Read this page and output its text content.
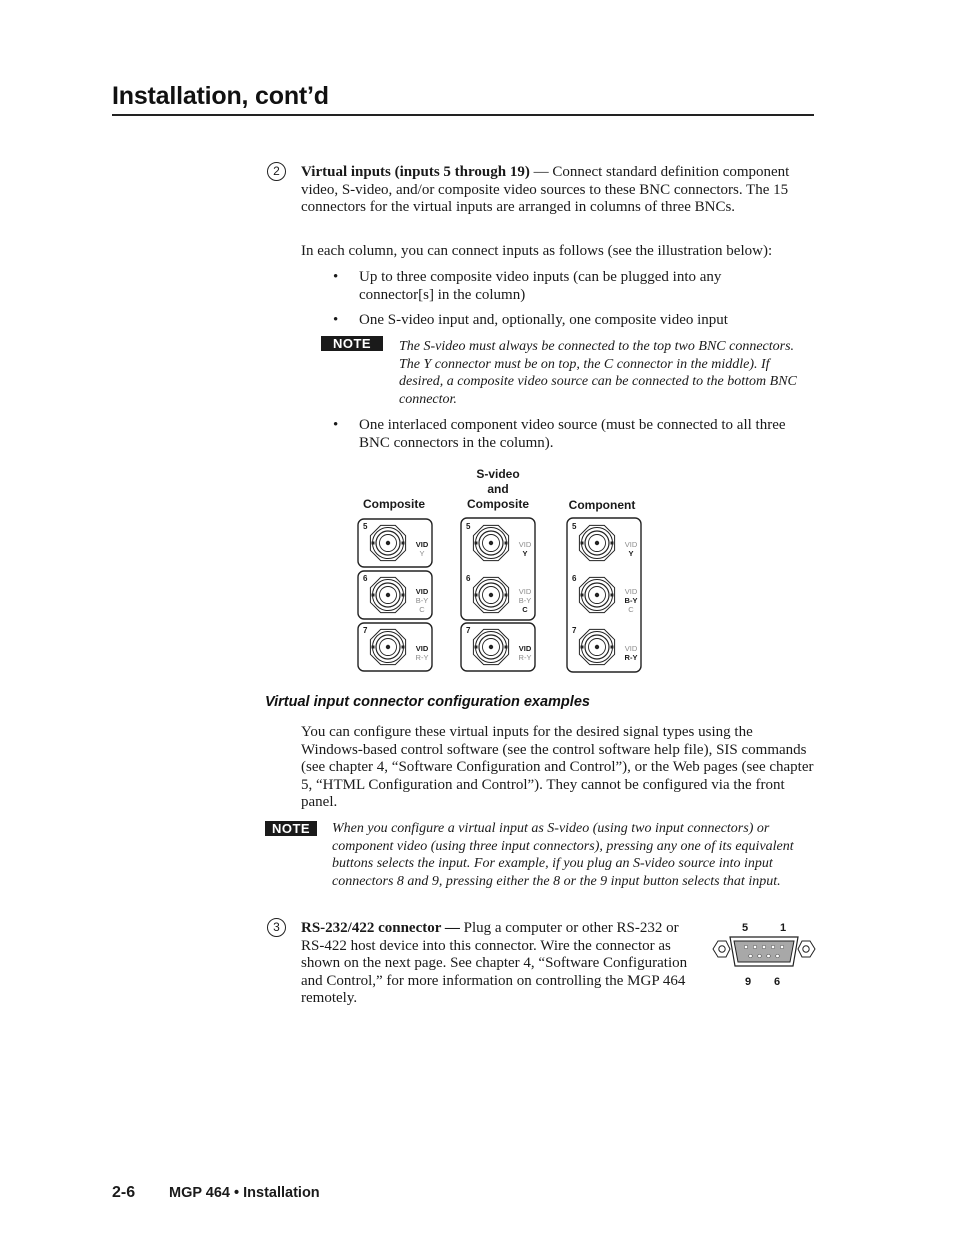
Installation, cont’d
2	Virtual inputs (inputs 5 through 19) — Connect standard definition component video, S-video, and/or composite video sources to these BNC connectors. The 15 connectors for the virtual inputs are arranged in columns of three BNCs.

In each column, you can connect inputs as follows (see the illustration below):

• Up to three composite video inputs (can be plugged into any connector[s] in the column)

• One S-video input and, optionally, one composite video input

NOTE	The S-video must always be connected to the top two BNC connectors. The Y connector must be on top, the C connector in the middle). If desired, a composite video source can be connected to the bottom BNC connector.

• One interlaced component video source (must be connected to all three BNC connectors in the column).

Composite
5
VID
Y
6
VID
B-Y
C
7
VID
R-Y
S-video
and
Composite
5
VID
Y
6
VID
B-Y
C
7
VID
R-Y
Component
5
VID
Y
6
VID
B-Y
C
7
VID
R-Y
Virtual input connector configuration examples

You can configure these virtual inputs for the desired signal types using the Windows-based control software (see the control software help file), SIS commands (see chapter 4, “Software Configuration and Control”), or the Web pages (see chapter 5, “HTML Configuration and Control”). They cannot be configured via the front panel.

NOTE	When you configure a virtual input as S-video (using two input connectors) or component video (using three input connectors), pressing any one of its equivalent buttons selects the input. For example, if you plug an S-video source into input connectors 8 and 9, pressing either the 8 or the 9 input button selects that input.

3	RS-232/422 connector — Plug a computer or other RS-232 or RS-422 host device into this connector. Wire the connector as shown on the next page. See chapter 4, “Software Configuration and Control,” for more information on controlling the MGP 464 remotely.

5	1
9 6
2-6 MGP 464 • Installation
